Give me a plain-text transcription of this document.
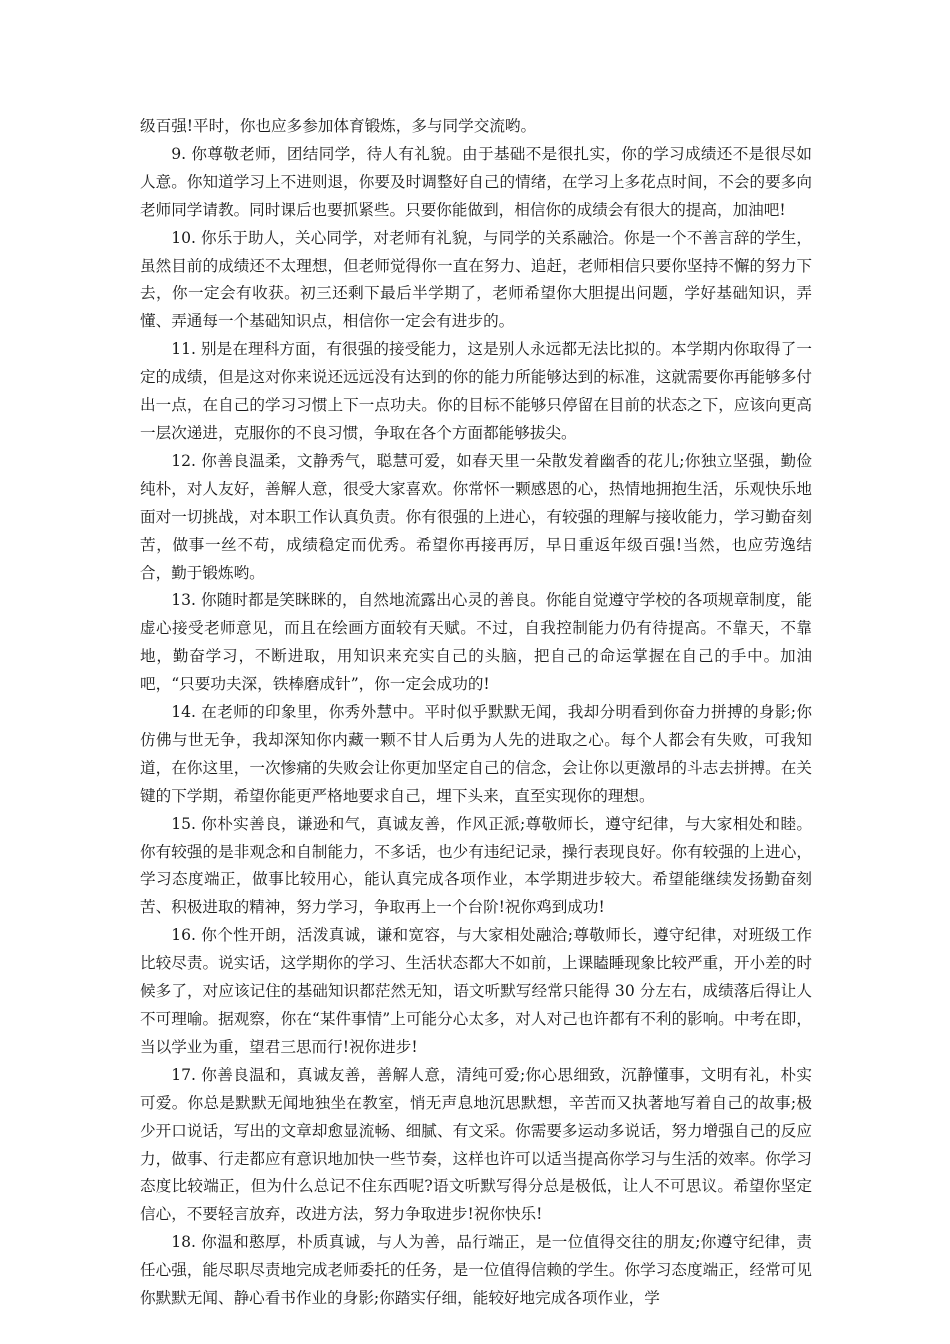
级百强!平时，你也应多参加体育锻炼，多与同学交流哟。

9. 你尊敬老师，团结同学，待人有礼貌。由于基础不是很扎实，你的学习成绩还不是很尽如人意。你知道学习上不进则退，你要及时调整好自己的情绪，在学习上多花点时间，不会的要多向老师同学请教。同时课后也要抓紧些。只要你能做到，相信你的成绩会有很大的提高，加油吧!

10. 你乐于助人，关心同学，对老师有礼貌，与同学的关系融洽。你是一个不善言辞的学生，虽然目前的成绩还不太理想，但老师觉得你一直在努力、追赶，老师相信只要你坚持不懈的努力下去，你一定会有收获。初三还剩下最后半学期了，老师希望你大胆提出问题，学好基础知识，弄懂、弄通每一个基础知识点，相信你一定会有进步的。

11. 别是在理科方面，有很强的接受能力，这是别人永远都无法比拟的。本学期内你取得了一定的成绩，但是这对你来说还远远没有达到的你的能力所能够达到的标准，这就需要你再能够多付出一点，在自己的学习习惯上下一点功夫。你的目标不能够只停留在目前的状态之下，应该向更高一层次递进，克服你的不良习惯，争取在各个方面都能够拔尖。

12. 你善良温柔，文静秀气，聪慧可爱，如春天里一朵散发着幽香的花儿;你独立坚强，勤俭纯朴，对人友好，善解人意，很受大家喜欢。你常怀一颗感恩的心，热情地拥抱生活，乐观快乐地面对一切挑战，对本职工作认真负责。你有很强的上进心，有较强的理解与接收能力，学习勤奋刻苦，做事一丝不苟，成绩稳定而优秀。希望你再接再厉，早日重返年级百强!当然，也应劳逸结合，勤于锻炼哟。

13. 你随时都是笑眯眯的，自然地流露出心灵的善良。你能自觉遵守学校的各项规章制度，能虚心接受老师意见，而且在绘画方面较有天赋。不过，自我控制能力仍有待提高。不靠天，不靠地，勤奋学习，不断进取，用知识来充实自己的头脑，把自己的命运掌握在自己的手中。加油吧，“只要功夫深，铁棒磨成针”，你一定会成功的!

14. 在老师的印象里，你秀外慧中。平时似乎默默无闻，我却分明看到你奋力拼搏的身影;你仿佛与世无争，我却深知你内藏一颗不甘人后勇为人先的进取之心。每个人都会有失败，可我知道，在你这里，一次惨痛的失败会让你更加坚定自己的信念，会让你以更激昂的斗志去拼搏。在关键的下学期，希望你能更严格地要求自己，埋下头来，直至实现你的理想。

15. 你朴实善良，谦逊和气，真诚友善，作风正派;尊敬师长，遵守纪律，与大家相处和睦。你有较强的是非观念和自制能力，不多话，也少有违纪记录，操行表现良好。你有较强的上进心，学习态度端正，做事比较用心，能认真完成各项作业，本学期进步较大。希望能继续发扬勤奋刻苦、积极进取的精神，努力学习，争取再上一个台阶!祝你鸡到成功!

16. 你个性开朗，活泼真诚，谦和宽容，与大家相处融洽;尊敬师长，遵守纪律，对班级工作比较尽责。说实话，这学期你的学习、生活状态都大不如前，上课瞌睡现象比较严重，开小差的时候多了，对应该记住的基础知识都茫然无知，语文听默写经常只能得 30 分左右，成绩落后得让人不可理喻。据观察，你在“某件事情”上可能分心太多，对人对己也许都有不利的影响。中考在即，当以学业为重，望君三思而行!祝你进步!

17. 你善良温和，真诚友善，善解人意，清纯可爱;你心思细致，沉静懂事，文明有礼，朴实可爱。你总是默默无闻地独坐在教室，悄无声息地沉思默想，辛苦而又执著地写着自己的故事;极少开口说话，写出的文章却愈显流畅、细腻、有文采。你需要多运动多说话，努力增强自己的反应力，做事、行走都应有意识地加快一些节奏，这样也许可以适当提高你学习与生活的效率。你学习态度比较端正，但为什么总记不住东西呢?语文听默写得分总是极低，让人不可思议。希望你坚定信心，不要轻言放弃，改进方法，努力争取进步!祝你快乐!

18. 你温和憨厚，朴质真诚，与人为善，品行端正，是一位值得交往的朋友;你遵守纪律，责任心强，能尽职尽责地完成老师委托的任务，是一位值得信赖的学生。你学习态度端正，经常可见你默默无闻、静心看书作业的身影;你踏实仔细，能较好地完成各项作业，学
